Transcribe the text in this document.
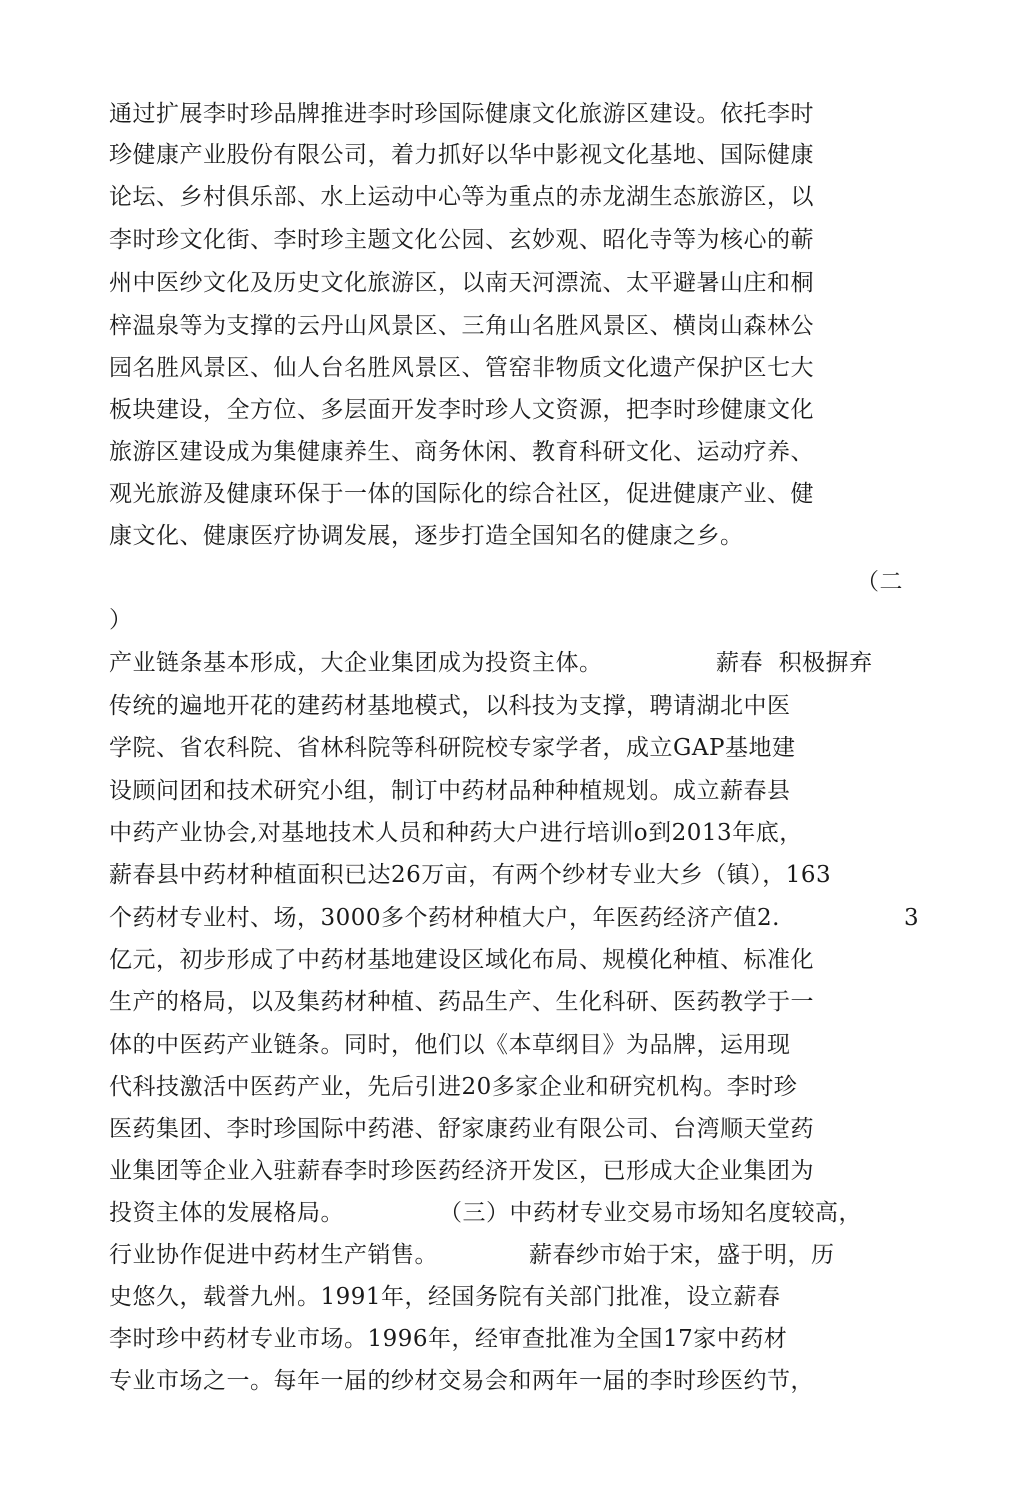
通过扩展李时珍品牌推进李时珍国际健康文化旅游区建设。依托李时
珍健康产业股份有限公司，着力抓好以华中影视文化基地、国际健康
论坛、乡村俱乐部、水上运动中心等为重点的赤龙湖生态旅游区，以
李时珍文化街、李时珍主题文化公园、玄妙观、昭化寺等为核心的蕲
州中医纱文化及历史文化旅游区，以南天河漂流、太平避暑山庄和桐
梓温泉等为支撑的云丹山风景区、三角山名胜风景区、横岗山森林公
园名胜风景区、仙人台名胜风景区、管窑非物质文化遗产保护区七大
板块建设，全方位、多层面开发李时珍人文资源，把李时珍健康文化
旅游区建设成为集健康养生、商务休闲、教育科研文化、运动疗养、
观光旅游及健康环保于一体的国际化的综合社区，促进健康产业、健
康文化、健康医疗协调发展，逐步打造全国知名的健康之乡。
（二
）
产业链条基本形成，大企业集团成为投资主体。	薪春  积极摒弃
传统的遍地开花的建药材基地模式，以科技为支撑，聘请湖北中医
学院、省农科院、省林科院等科研院校专家学者，成立GAP基地建
设顾问团和技术研究小组，制订中药材品种种植规划。成立薪春县
中药产业协会,对基地技术人员和种药大户进行培训o到2013年底，
薪春县中药材种植面积已达26万亩，有两个纱材专业大乡（镇），163
个药材专业村、场，3000多个药材种植大户，年医药经济产值2.	3
亿元，初步形成了中药材基地建设区域化布局、规模化种植、标准化
生产的格局，以及集药材种植、药品生产、生化科研、医药教学于一
体的中医药产业链条。同时，他们以《本草纲目》为品牌，运用现
代科技激活中医药产业，先后引进20多家企业和研究机构。李时珍
医药集团、李时珍国际中药港、舒家康药业有限公司、台湾顺天堂药
业集团等企业入驻薪春李时珍医药经济开发区，已形成大企业集团为
投资主体的发展格局。	（三）中药材专业交易市场知名度较高，
行业协作促进中药材生产销售。	薪春纱市始于宋，盛于明，历
史悠久，载誉九州。1991年，经国务院有关部门批准，设立薪春
李时珍中药材专业市场。1996年，经审查批准为全国17家中药材
专业市场之一。每年一届的纱材交易会和两年一届的李时珍医约节，
